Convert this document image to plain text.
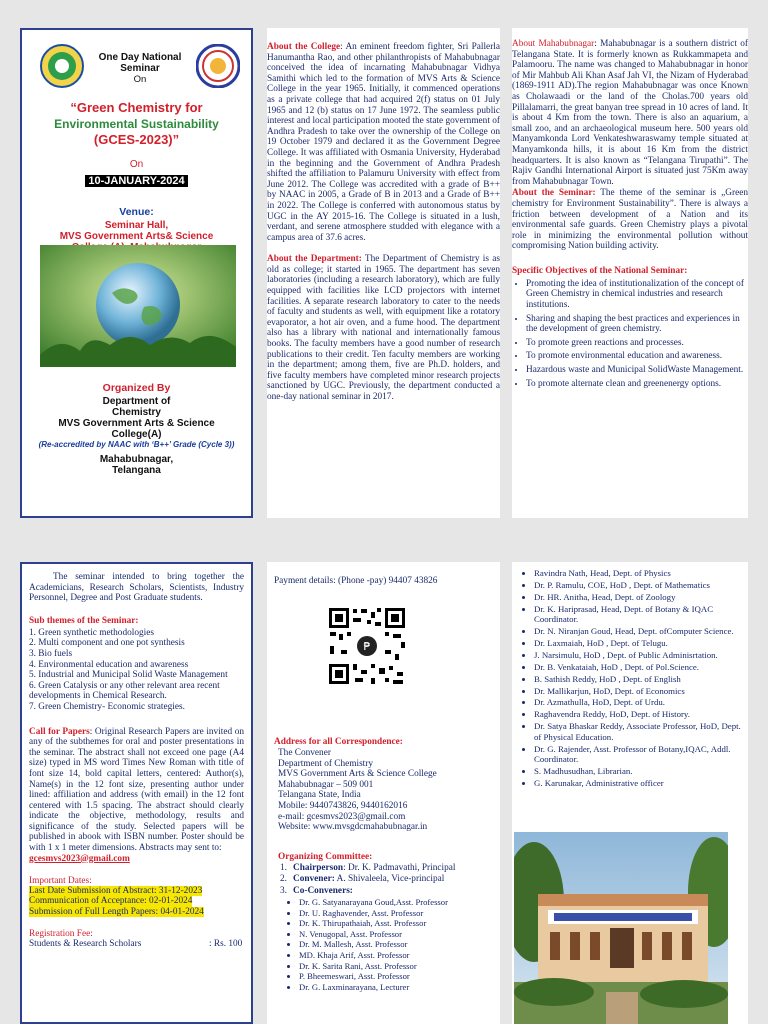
One Day National
Seminar
On
“Green Chemistry for
Environmental Sustainability
(GCES-2023)”
On
10-JANUARY-2024
Venue:
Seminar Hall,
MVS Government Arts& Science
Organized By
Department of
Chemistry
MVS Government Arts & Science
College(A)
(Re-accredited by NAAC with ‘B++’ Grade (Cycle 3))
Mahabubnagar,
Telangana

About the College: An eminent freedom fighter, Sri Pallerla Hanumantha Rao, and other philanthropists of Mahabubnagar conceived the idea of incarnating Mahabubnagar Vidhya Samithi which led to the formation of MVS Arts & Science College in the year 1965. Initially, it commenced operations as a private college that had acquired 2(f) status on 01 July 1965 and 12 (b) status on 17 June 1972. The seamless public interest and local participation mooted the state government of Andhra Pradesh to take over the ownership of the College on 19 October 1979 and declared it as the Government Degree College. It was affiliated with Osmania University, Hyderabad in the beginning and the Government of Andhra Pradesh shifted the affiliation to Palamuru University with effect from June 2012. The College was accredited with a grade of B++ by NAAC in 2005, a Grade of B in 2013 and a Grade of B++ in 2022. The College is conferred with autonomous status by UGC in the AY 2015-16. The College is situated in a lush, verdant, and serene atmosphere studded with elegance with a campus area of 37.6 acres.

About the Department: The Department of Chemistry is as old as college; it started in 1965. The department has seven laboratories (including a research laboratory), which are fully equipped with facilities like LCD projectors with internet facilities. A separate research laboratory to cater to the needs of faculty and students as well, with equipment like a rotatory evaporator, a hot air oven, and a fume hood. The department also has a library with national and internationally famous books. The faculty members have a good number of research publications to their credit. Ten faculty members are working in the department; among them, five are Ph.D. holders, and five faculty members have completed minor research projects sanctioned by UGC. Previously, the department conducted a one-day national seminar in 2017.

About Mahabubnagar: Mahabubnagar is a southern district of Telangana State. It is formerly known as Rukkammapeta and Palamooru. The name was changed to Mahabubnagar in honor of Mir Mahbub Ali Khan Asaf Jah VI, the Nizam of Hyderabad (1869-1911 AD).The region Mahabubnagar was once Known as Cholawaadi or the land of the Cholas.700 years old Pillalamarri, the great banyan tree spread in 10 acres of land. It is about 4 Km from the town. There is also an aquarium, a small zoo, and an archaeological museum here. 500 years old Manyamkonda Lord Venkateshwaraswamy temple situated at Manyamkonda hills, it is about 16 Km from the district headquarters. It is also known as “Telangana Tirupathi”. The Rajiv Gandhi International Airport is situated just 75Km away from Mahabubnagar Town.

About the Seminar: The theme of the seminar is „Green chemistry for Environment Sustainability”. There is always a friction between development of a Nation and its environmental safe guards. Green Chemistry plays a pivotal role in minimizing the environmental pollution without compromising Nation building activity.

Specific Objectives of the National Seminar:
• Promoting the idea of institutionalization of the concept of Green Chemistry in chemical industries and research institutions.
• Sharing and shaping the best practices and experiences in the development of green chemistry.
• To promote green reactions and processes.
• To promote environmental education and awareness.
• Hazardous waste and Municipal SolidWaste Management.
• To promote alternate clean and greenenergy options.

The seminar intended to bring together the Academicians, Research Scholars, Scientists, Industry Personnel, Degree and Post Graduate students.

Sub themes of the Seminar:
1. Green synthetic methodologies
2. Multi component and one pot synthesis
3. Bio fuels
4. Environmental education and awareness
5. Industrial and Municipal Solid Waste Management
6. Green Catalysis or any other relevant area recent developments in Chemical Research.
7. Green Chemistry- Economic strategies.

Call for Papers: Original Research Papers are invited on any of the subthemes for oral and poster presentations in the seminar. The abstract shall not exceed one page (A4 size) typed in MS word Times New Roman with title of font size 14, bold capital letters, centered: Author(s), Name(s) in the 12 font size, presenting author under lined: affiliation and address (with email) in the 12 font centered with 1.5 spacing. The abstract should clearly indicate the objective, methodology, results and significance of the study. Selected papers will be published in abook with ISBN number. Poster should be with 1 x 1 meter dimensions. Abstracts may sent to:

gcesmvs2023@gmail.com
Important Dates:
Last Date Submission of Abstract: 31-12-2023
Communication of Acceptance: 02-01-2024
Submission of Full Length Papers: 04-01-2024
Registration Fee:
Students & Research Scholars	: Rs. 100
Payment details: (Phone -pay) 94407 43826
₱
Address for all Correspondence:
The Convener
Department of Chemistry
MVS Government Arts & Science College
Mahabubnagar – 509 001
Telangana State, India
Mobile: 9440743826, 9440162016
e-mail: gcesmvs2023@gmail.com
Website: www.mvsgdcmahabubnagar.in
Organizing Committee:
1. Chairperson: Dr. K. Padmavathi, Principal
2. Convener: A. Shivaleela, Vice-principal
3. Co-Conveners:
• Dr. G. Satyanarayana Goud,Asst. Professor
• Dr. U. Raghavender, Asst. Professor
• Dr. K. Thirupathaiah, Asst. Professor
• N. Venugopal, Asst. Professor
• Dr. M. Mallesh, Asst. Professor
• MD. Khaja Arif, Asst. Professor
• Dr. K. Sarita Rani, Asst. Professor
• P. Bheemeswari, Asst. Professor
• Dr. G. Laxminarayana, Lecturer
• Ravindra Nath, Head, Dept. of Physics
• Dr. P. Ramulu, COE, HoD , Dept. of Mathematics
• Dr. HR. Anitha, Head, Dept. of Zoology
• Dr. K. Hariprasad, Head, Dept. of Botany & IQAC Coordinator.
• Dr. N. Niranjan Goud, Head, Dept. ofComputer Science.
• Dr. Laxmaiah, HoD , Dept. of Telugu.
• J. Narsimulu, HoD , Dept. of Public Adminisrtation.
• Dr. B. Venkataiah, HoD , Dept. of Pol.Science.
• B. Sathish Reddy, HoD , Dept. of English
• Dr. Mallikarjun, HoD, Dept. of Economics
• Dr. Azmathulla, HoD, Dept. of Urdu.
• Raghavendra Reddy, HoD, Dept. of History.
• Dr. Satya Bhaskar Reddy, Associate Professor, HoD, Dept. of Physical Education.
• Dr. G. Rajender, Asst. Professor of Botany,IQAC, Addl. Coordinator.
• S. Madhusudhan, Librarian.
• G. Karunakar, Administrative officer
